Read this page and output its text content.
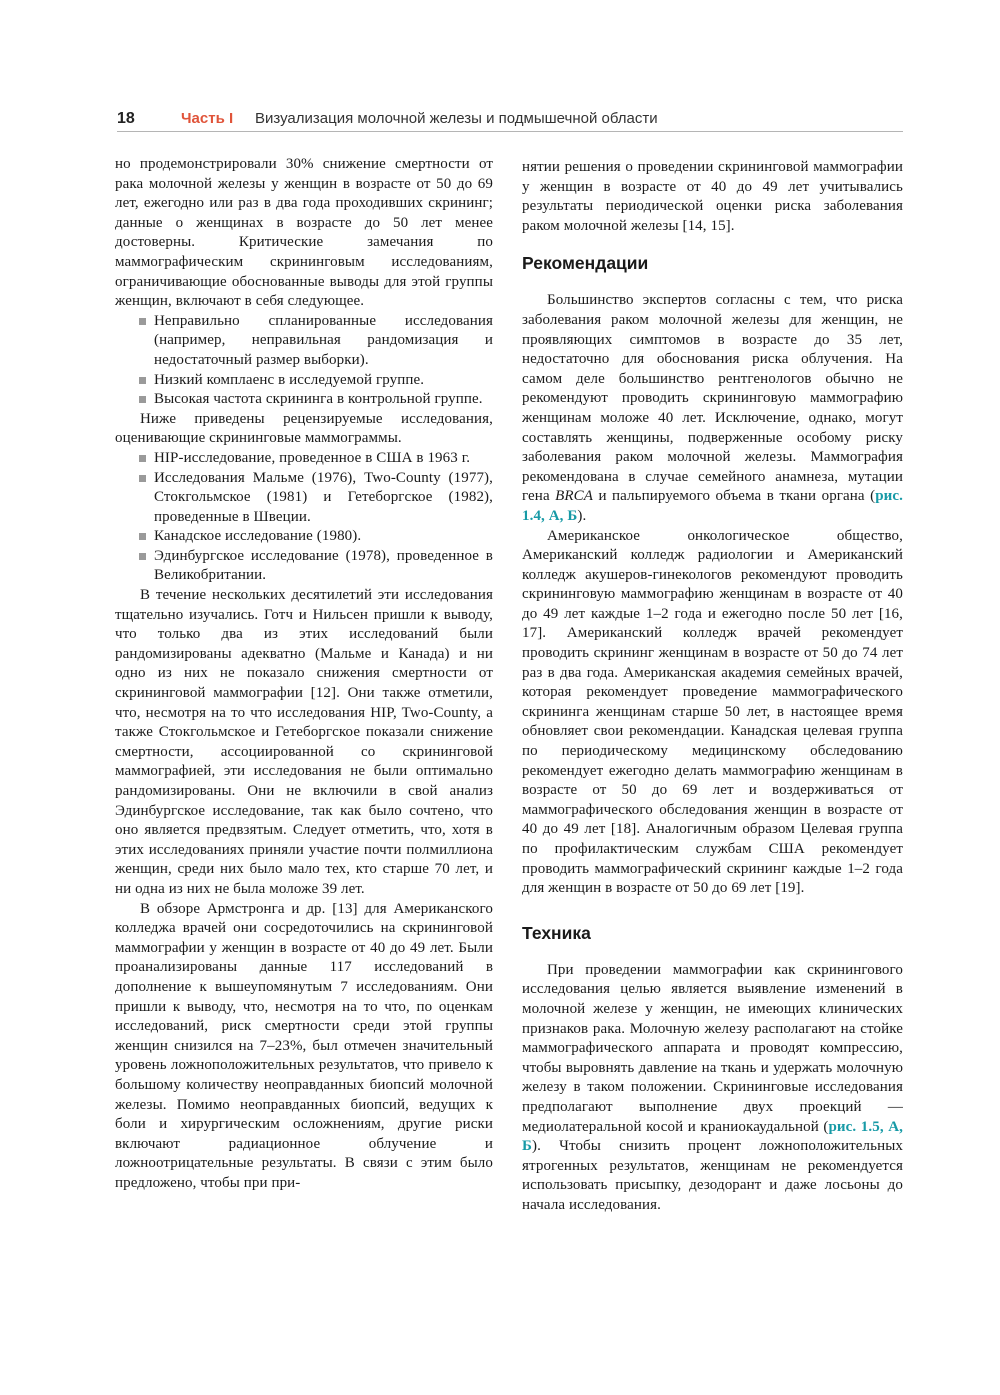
18	Часть I Визуализация молочной железы и подмышечной области

но продемонстрировали 30% снижение смертности от рака молочной железы у женщин в возрасте от 50 до 69 лет, ежегодно или раз в два года проходивших скрининг; данные о женщинах в возрасте до 50 лет менее достоверны. Критические замечания по маммографическим скрининговым исследованиям, ограничивающие обоснованные выводы для этой группы женщин, включают в себя следующее.

Неправильно спланированные исследования (например, неправильная рандомизация и недостаточный размер выборки).
Низкий комплаенс в исследуемой группе.
Высокая частота скрининга в контрольной группе.

Ниже приведены рецензируемые исследования, оценивающие скрининговые маммограммы.

HIP-исследование, проведенное в США в 1963 г.
Исследования Мальме (1976), Two-County (1977), Стокгольмское (1981) и Гетеборгское (1982), проведенные в Швеции.
Канадское исследование (1980).
Эдинбургское исследование (1978), проведенное в Великобритании.

В течение нескольких десятилетий эти исследования тщательно изучались. Готч и Нильсен пришли к выводу, что только два из этих исследований были рандомизированы адекватно (Мальме и Канада) и ни одно из них не показало снижения смертности от скрининговой маммографии [12]. Они также отметили, что, несмотря на то что исследования HIP, Two-County, а также Стокгольмское и Гетеборгское показали снижение смертности, ассоциированной со скрининговой маммографией, эти исследования не были оптимально рандомизированы. Они не включили в свой анализ Эдинбургское исследование, так как было сочтено, что оно является предвзятым. Следует отметить, что, хотя в этих исследованиях приняли участие почти полмиллиона женщин, среди них было мало тех, кто старше 70 лет, и ни одна из них не была моложе 39 лет.

В обзоре Армстронга и др. [13] для Американского колледжа врачей они сосредоточились на скрининговой маммографии у женщин в возрасте от 40 до 49 лет. Были проанализированы данные 117 исследований в дополнение к вышеупомянутым 7 исследованиям. Они пришли к выводу, что, несмотря на то что, по оценкам исследований, риск смертности среди этой группы женщин снизился на 7–23%, был отмечен значительный уровень ложноположительных результатов, что привело к большому количеству неоправданных биопсий молочной железы. Помимо неоправданных биопсий, ведущих к боли и хирургическим осложнениям, другие риски включают радиационное облучение и ложноотрицательные результаты. В связи с этим было предложено, чтобы при при-

нятии решения о проведении скрининговой маммографии у женщин в возрасте от 40 до 49 лет учитывались результаты периодической оценки риска заболевания раком молочной железы [14, 15].

Рекомендации

Большинство экспертов согласны с тем, что риска заболевания раком молочной железы для женщин, не проявляющих симптомов в возрасте до 35 лет, недостаточно для обоснования риска облучения. На самом деле большинство рентгенологов обычно не рекомендуют проводить скрининговую маммографию женщинам моложе 40 лет. Исключение, однако, могут составлять женщины, подверженные особому риску заболевания раком молочной железы. Маммография рекомендована в случае семейного анамнеза, мутации гена BRCA и пальпируемого объема в ткани органа (рис. 1.4, А, Б).

Американское онкологическое общество, Американский колледж радиологии и Американский колледж акушеров-гинекологов рекомендуют проводить скрининговую маммографию женщинам в возрасте от 40 до 49 лет каждые 1–2 года и ежегодно после 50 лет [16, 17]. Американский колледж врачей рекомендует проводить скрининг женщинам в возрасте от 50 до 74 лет раз в два года. Американская академия семейных врачей, которая рекомендует проведение маммографического скрининга женщинам старше 50 лет, в настоящее время обновляет свои рекомендации. Канадская целевая группа по периодическому медицинскому обследованию рекомендует ежегодно делать маммографию женщинам в возрасте от 50 до 69 лет и воздерживаться от маммографического обследования женщин в возрасте от 40 до 49 лет [18]. Аналогичным образом Целевая группа по профилактическим службам США рекомендует проводить маммографический скрининг каждые 1–2 года для женщин в возрасте от 50 до 69 лет [19].

Техника

При проведении маммографии как скринингового исследования целью является выявление изменений в молочной железе у женщин, не имеющих клинических признаков рака. Молочную железу располагают на стойке маммографического аппарата и проводят компрессию, чтобы выровнять давление на ткань и удержать молочную железу в таком положении. Скрининговые исследования предполагают выполнение двух проекций — медиолатеральной косой и краниокаудальной (рис. 1.5, А, Б). Чтобы снизить процент ложноположительных ятрогенных результатов, женщинам не рекомендуется использовать присыпку, дезодорант и даже лосьоны до начала исследования.
